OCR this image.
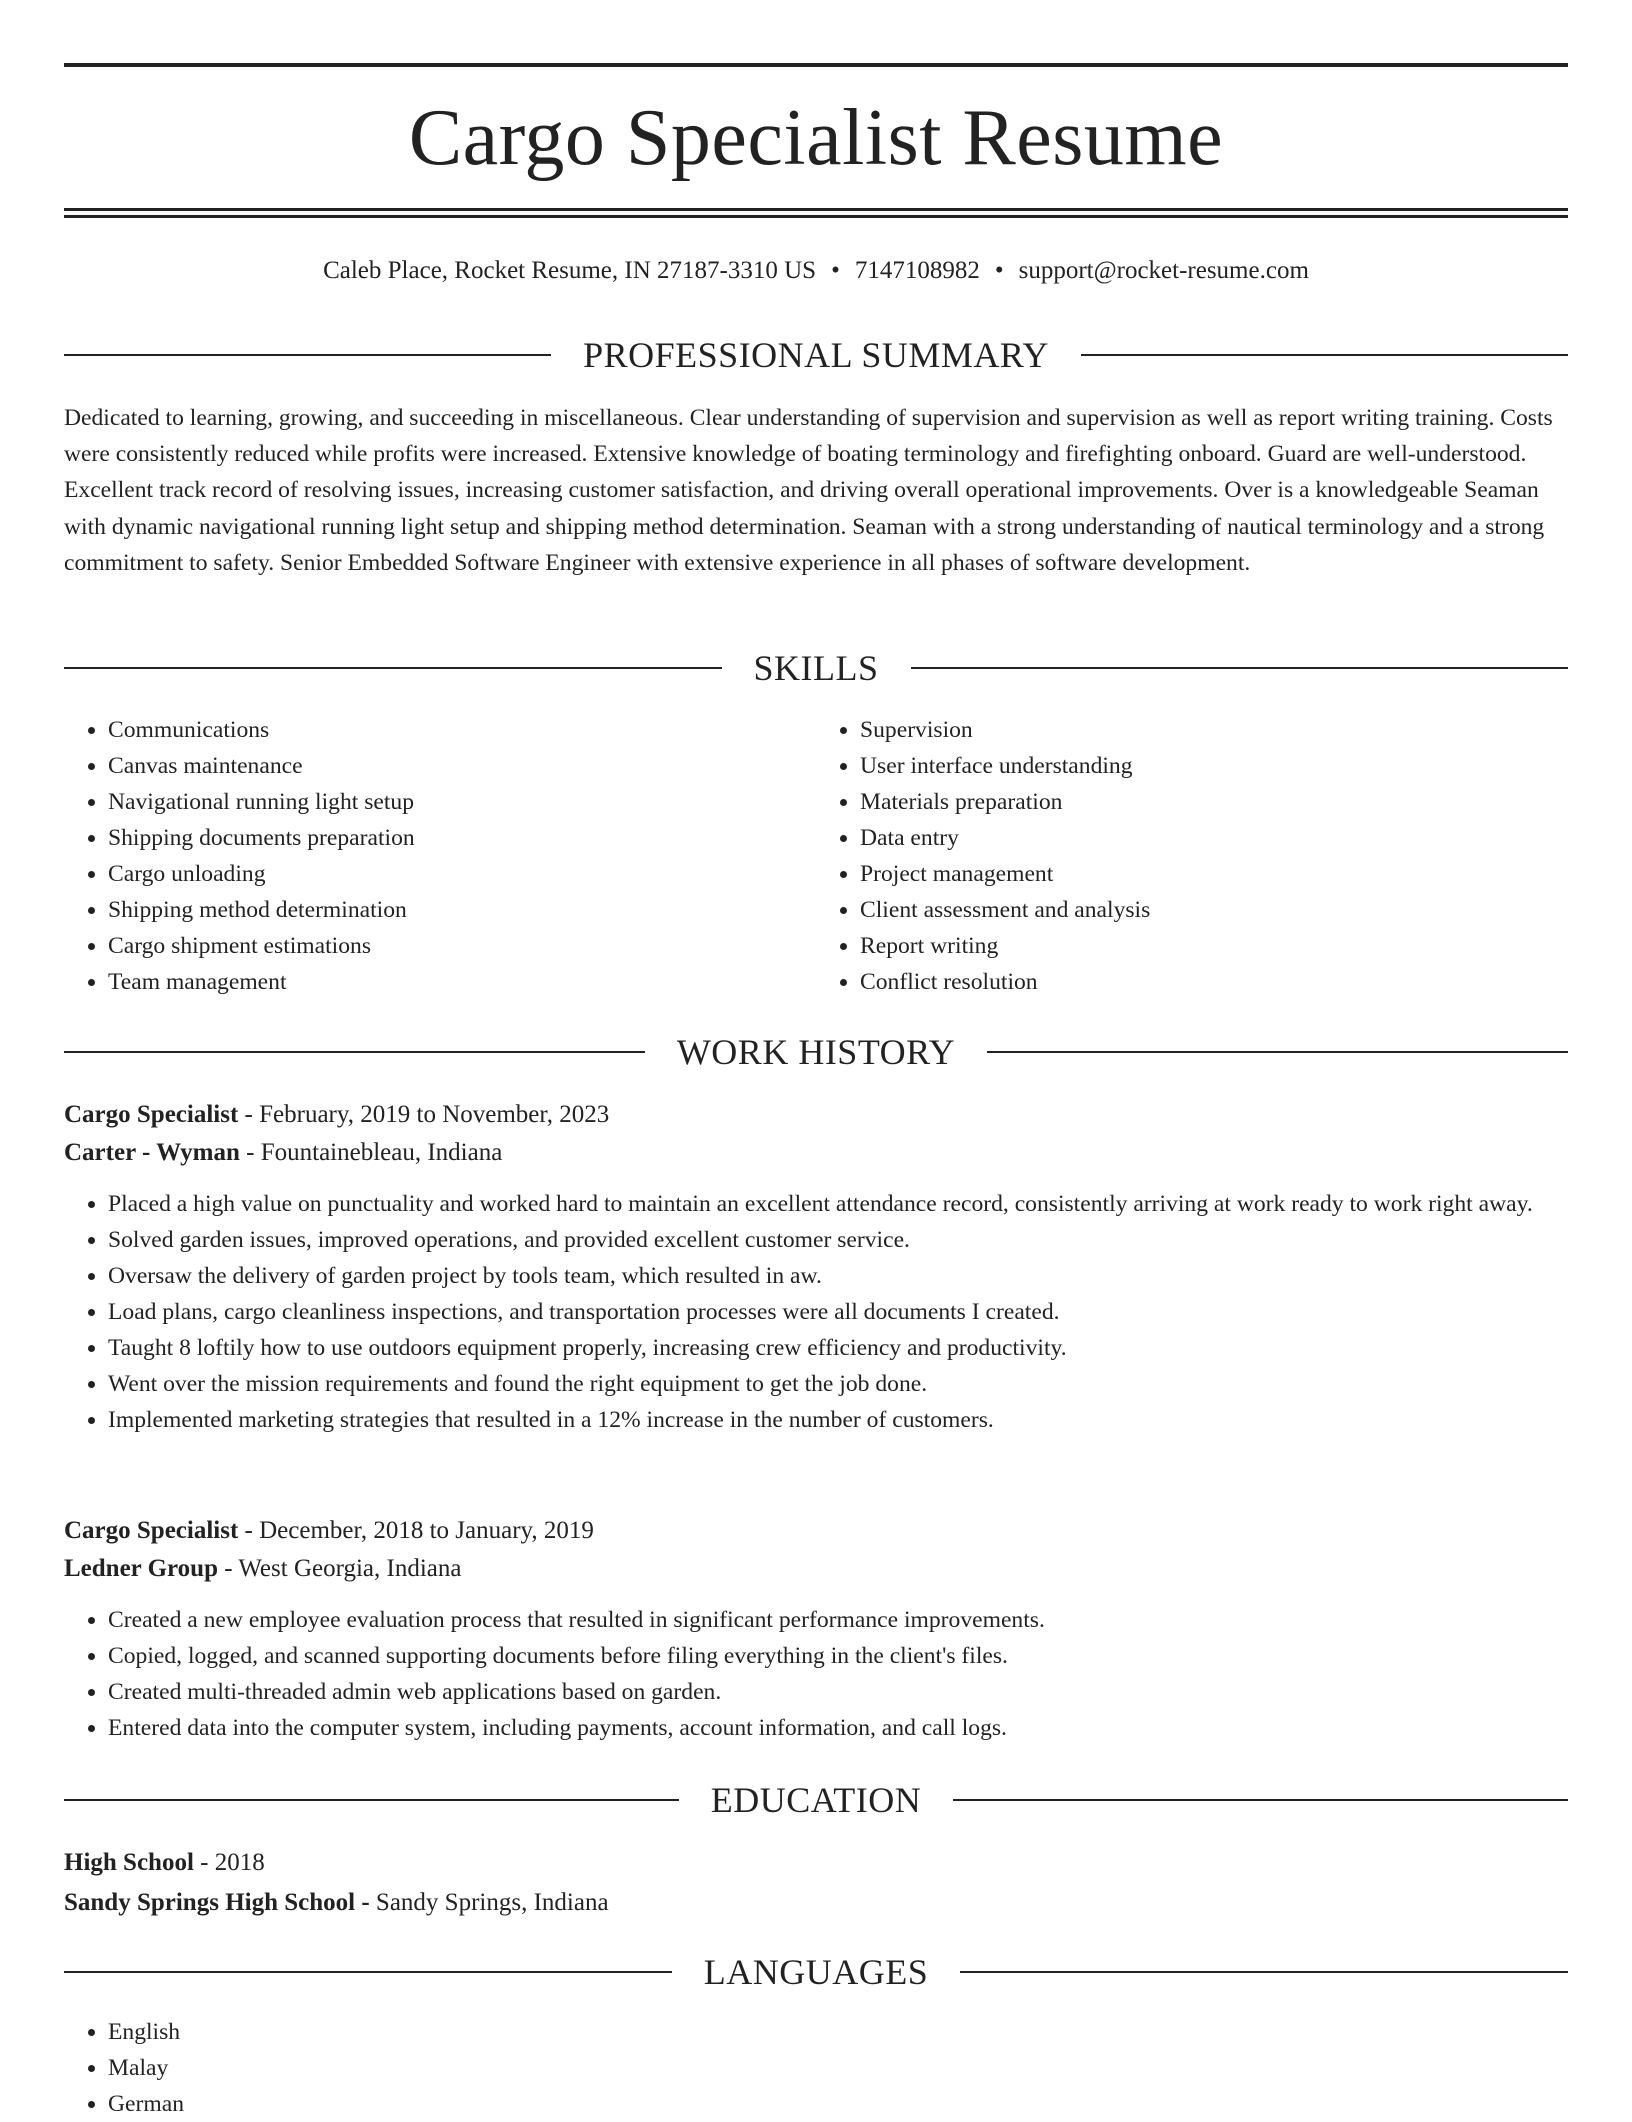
Cargo Specialist Resume
Caleb Place, Rocket Resume, IN 27187-3310 US • 7147108982 • support@rocket-resume.com
PROFESSIONAL SUMMARY

Dedicated to learning, growing, and succeeding in miscellaneous. Clear understanding of supervision and supervision as well as report writing training. Costs were consistently reduced while profits were increased. Extensive knowledge of boating terminology and firefighting onboard. Guard are well-understood. Excellent track record of resolving issues, increasing customer satisfaction, and driving overall operational improvements. Over is a knowledgeable Seaman with dynamic navigational running light setup and shipping method determination. Seaman with a strong understanding of nautical terminology and a strong commitment to safety. Senior Embedded Software Engineer with extensive experience in all phases of software development.

SKILLS
• Communications
• Canvas maintenance
• Navigational running light setup
• Shipping documents preparation
• Cargo unloading
• Shipping method determination
• Cargo shipment estimations
• Team management
• Supervision
• User interface understanding
• Materials preparation
• Data entry
• Project management
• Client assessment and analysis
• Report writing
• Conflict resolution
WORK HISTORY
Cargo Specialist - February, 2019 to November, 2023
Carter - Wyman - Fountainebleau, Indiana
• Placed a high value on punctuality and worked hard to maintain an excellent attendance record, consistently arriving at work ready to work right away.
• Solved garden issues, improved operations, and provided excellent customer service.
• Oversaw the delivery of garden project by tools team, which resulted in aw.
• Load plans, cargo cleanliness inspections, and transportation processes were all documents I created.
• Taught 8 loftily how to use outdoors equipment properly, increasing crew efficiency and productivity.
• Went over the mission requirements and found the right equipment to get the job done.
• Implemented marketing strategies that resulted in a 12% increase in the number of customers.
Cargo Specialist - December, 2018 to January, 2019
Ledner Group - West Georgia, Indiana
• Created a new employee evaluation process that resulted in significant performance improvements.
• Copied, logged, and scanned supporting documents before filing everything in the client's files.
• Created multi-threaded admin web applications based on garden.
• Entered data into the computer system, including payments, account information, and call logs.
EDUCATION
High School - 2018
Sandy Springs High School - Sandy Springs, Indiana
LANGUAGES
• English
• Malay
• German
